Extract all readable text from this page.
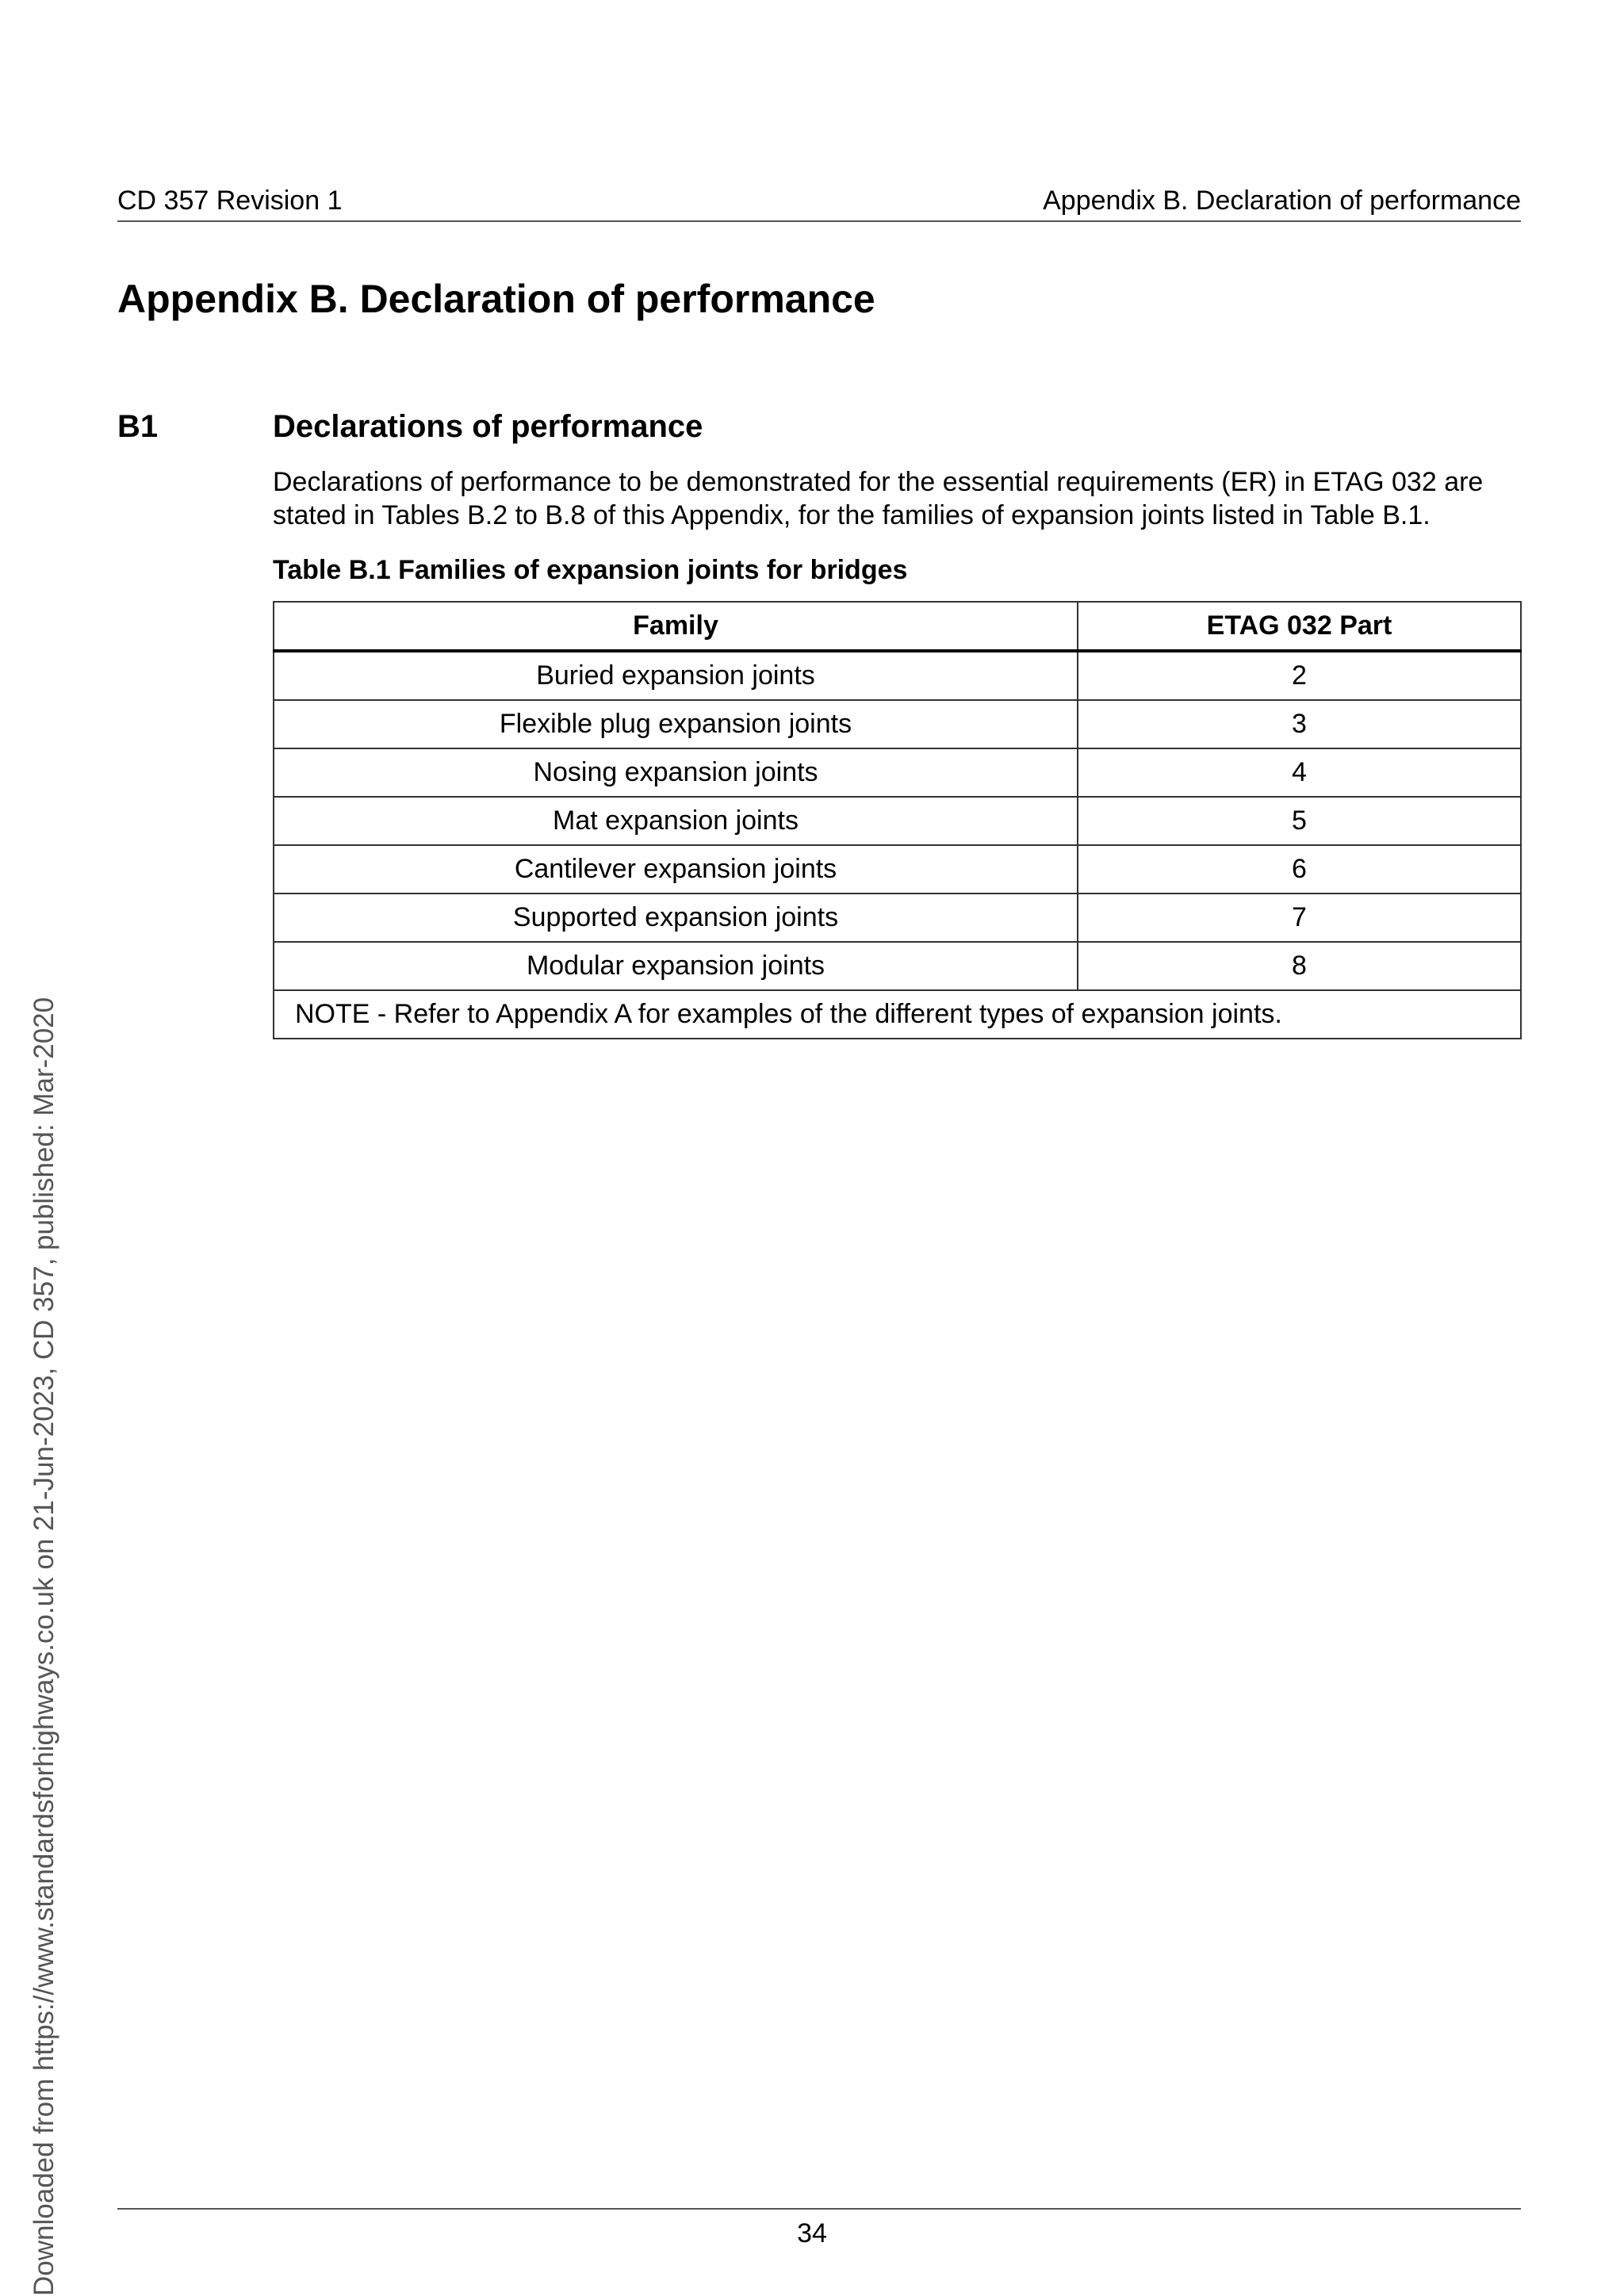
CD 357 Revision 1	Appendix B. Declaration of performance
Appendix B. Declaration of performance
B1	Declarations of performance

Declarations of performance to be demonstrated for the essential requirements (ER) in ETAG 032 are stated in Tables B.2 to B.8 of this Appendix, for the families of expansion joints listed in Table B.1.

Table B.1 Families of expansion joints for bridges

Family	ETAG 032 Part
Buried expansion joints	2
Flexible plug expansion joints	3
Nosing expansion joints	4
Mat expansion joints	5
Cantilever expansion joints	6
Supported expansion joints	7
Modular expansion joints	8
NOTE - Refer to Appendix A for examples of the different types of expansion joints.	
34
Downloaded from https://www.standardsforhighways.co.uk on 21-Jun-2023, CD 357, published: Mar-2020
